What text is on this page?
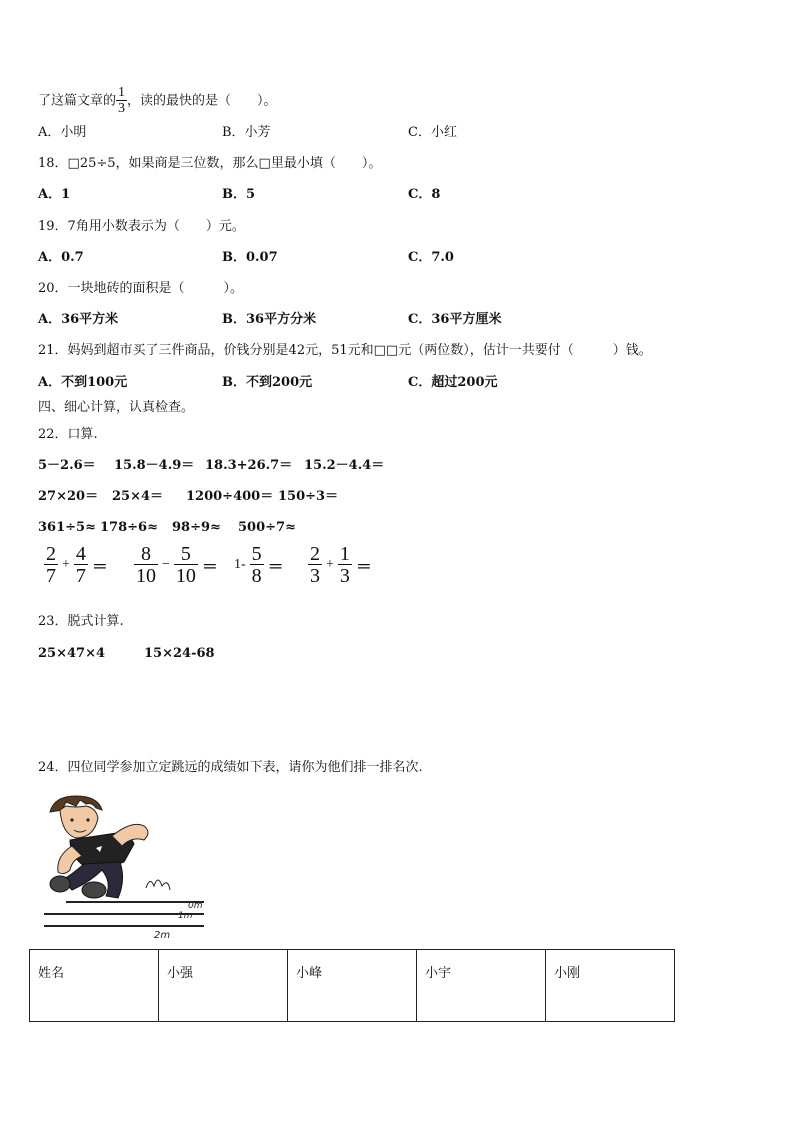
了这篇文章的 $\frac{1}{3}$ ，读的最快的是（　　）。
A．小明	B．小芳	C．小红
18．□25÷5，如果商是三位数，那么□里最小填（　　）。
A．1	B．5	C．8
19．7角用小数表示为（　　）元。
A．0.7	B．0.07	C．7.0
20．一块地砖的面积是（　　　）。
A．36平方米	B．36平方分米	C．36平方厘米
21．妈妈到超市买了三件商品，价钱分别是42元，51元和□□元（两位数），估计一共要付（　　　）钱。
A．不到100元	B．不到200元	C．超过200元
四、细心计算，认真检查。
22．口算.
5－2.6＝ 15.8－4.9＝ 18.3+26.7＝ 15.2－4.4＝
27×20＝ 25×4＝ 1200÷400＝ 150÷3＝
361÷5≈ 178÷6≈ 98÷9≈ 500÷7≈
$\frac{2}{7} + \frac{4}{7} = \frac{8}{10} - \frac{5}{10} = 1- \frac{5}{8} = \frac{2}{3} + \frac{1}{3}$ ＝
23．脱式计算.
25×47×4	15×24-68
24．四位同学参加立定跳远的成绩如下表，请你为他们排一排名次.
0m
1m
2m
姓名	小强	小峰	小宇	小刚
